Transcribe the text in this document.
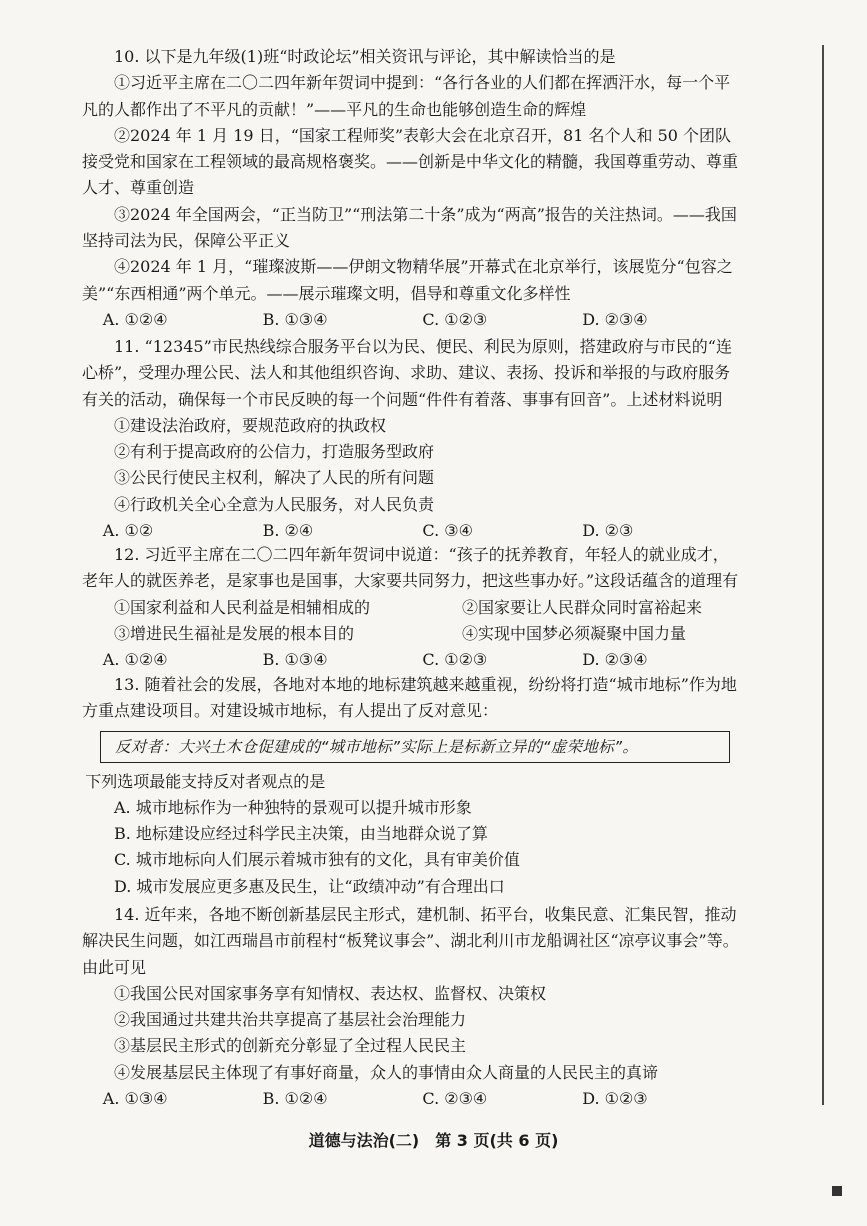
10. 以下是九年级(1)班“时政论坛”相关资讯与评论，其中解读恰当的是

①习近平主席在二〇二四年新年贺词中提到：“各行各业的人们都在挥洒汗水，每一个平凡的人都作出了不平凡的贡献！”——平凡的生命也能够创造生命的辉煌

②2024 年 1 月 19 日，“国家工程师奖”表彰大会在北京召开，81 名个人和 50 个团队接受党和国家在工程领域的最高规格褒奖。——创新是中华文化的精髓，我国尊重劳动、尊重人才、尊重创造

③2024 年全国两会，“正当防卫”“刑法第二十条”成为“两高”报告的关注热词。——我国坚持司法为民，保障公平正义

④2024 年 1 月，“璀璨波斯——伊朗文物精华展”开幕式在北京举行，该展览分“包容之美”“东西相通”两个单元。——展示璀璨文明，倡导和尊重文化多样性

A. ①②④	B. ①③④	C. ①②③	D. ②③④

11. “12345”市民热线综合服务平台以为民、便民、利民为原则，搭建政府与市民的“连心桥”，受理办理公民、法人和其他组织咨询、求助、建议、表扬、投诉和举报的与政府服务有关的活动，确保每一个市民反映的每一个问题“件件有着落、事事有回音”。上述材料说明

①建设法治政府，要规范政府的执政权

②有利于提高政府的公信力，打造服务型政府

③公民行使民主权利，解决了人民的所有问题

④行政机关全心全意为人民服务，对人民负责

A. ①②	B. ②④	C. ③④	D. ②③

12. 习近平主席在二〇二四年新年贺词中说道：“孩子的抚养教育，年轻人的就业成才，老年人的就医养老，是家事也是国事，大家要共同努力，把这些事办好。”这段话蕴含的道理有

①国家利益和人民利益是相辅相成的	②国家要让人民群众同时富裕起来
③增进民生福祉是发展的根本目的	④实现中国梦必须凝聚中国力量
A. ①②④	B. ①③④	C. ①②③	D. ②③④

13. 随着社会的发展，各地对本地的地标建筑越来越重视，纷纷将打造“城市地标”作为地方重点建设项目。对建设城市地标，有人提出了反对意见：

反对者：大兴土木仓促建成的“城市地标”实际上是标新立异的“虚荣地标”。

下列选项最能支持反对者观点的是

A. 城市地标作为一种独特的景观可以提升城市形象

B. 地标建设应经过科学民主决策，由当地群众说了算

C. 城市地标向人们展示着城市独有的文化，具有审美价值

D. 城市发展应更多惠及民生，让“政绩冲动”有合理出口

14. 近年来，各地不断创新基层民主形式，建机制、拓平台，收集民意、汇集民智，推动解决民生问题，如江西瑞昌市前程村“板凳议事会”、湖北利川市龙船调社区“凉亭议事会”等。由此可见

①我国公民对国家事务享有知情权、表达权、监督权、决策权

②我国通过共建共治共享提高了基层社会治理能力

③基层民主形式的创新充分彰显了全过程人民民主

④发展基层民主体现了有事好商量，众人的事情由众人商量的人民民主的真谛

A. ①③④	B. ①②④	C. ②③④	D. ①②③
道德与法治(二)　第 3 页(共 6 页)
